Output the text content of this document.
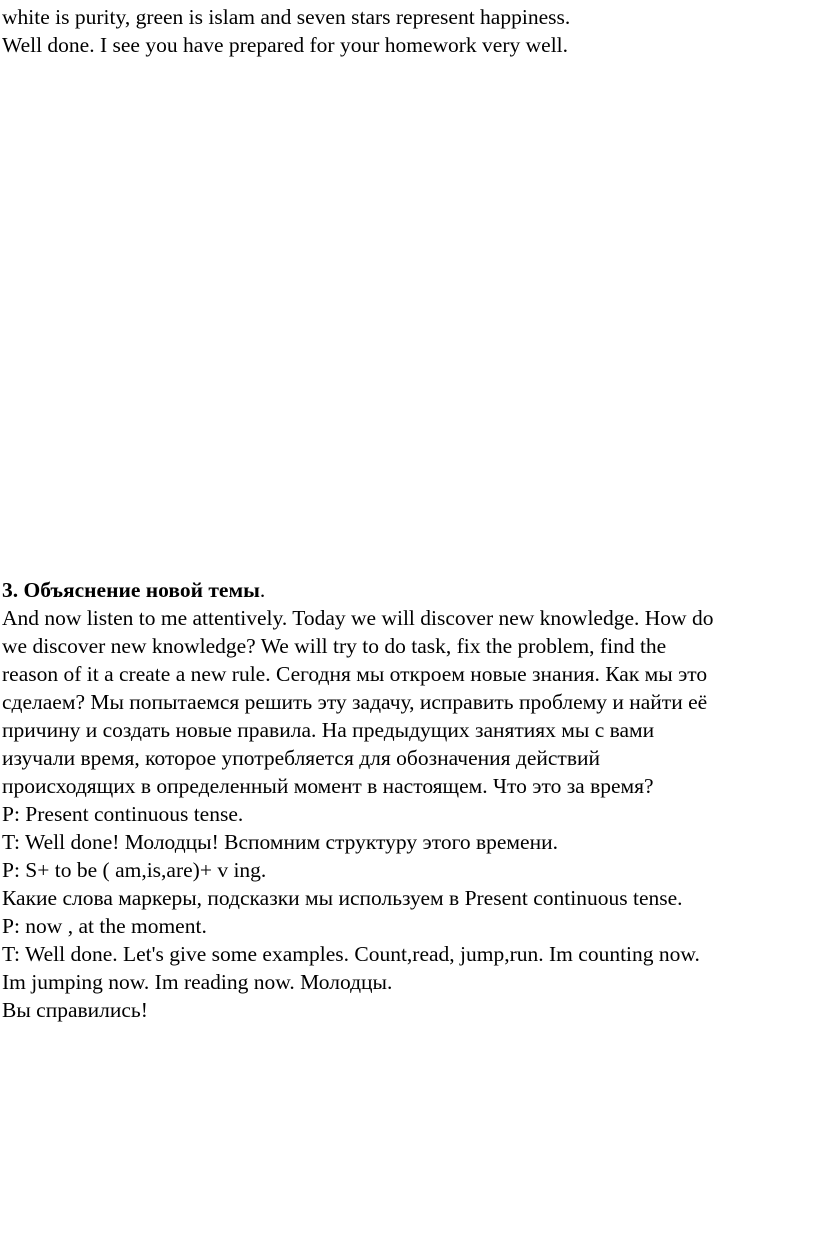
white is purity, green is islam and seven stars represent happiness.

Well done. I see you have prepared for your homework very well.

3. Объяснение новой темы.

And now listen to me attentively. Today we will discover new knowledge. How do

we discover new knowledge? We will try to do task, fix the problem, find the

reason of it a create a new rule. Сегодня мы откроем новые знания. Как мы это

сделаем? Мы попытаемся решить эту задачу, исправить проблему и найти её

причину и создать новые правила. На предыдущих занятиях мы с вами

изучали время, которое употребляется для обозначения действий

происходящих в определенный момент в настоящем. Что это за время?

P: Present continuous tense.

T: Well done! Молодцы! Вспомним структуру этого времени.

P: S+ to be ( am,is,are)+ v ing.

Какие слова маркеры, подсказки мы используем в Present continuous tense.

P: now , at the moment.

T: Well done. Let's give some examples. Count,read, jump,run. Im counting now.

Im jumping now. Im reading now. Молодцы.

Вы справились!
